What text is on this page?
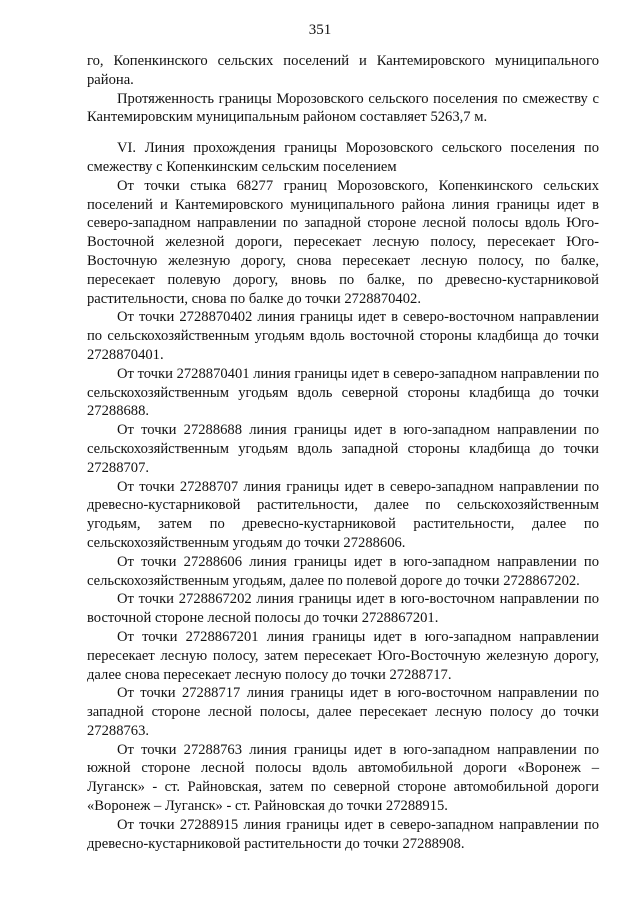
351

го, Копенкинского сельских поселений и Кантемировского муниципального района.

Протяженность границы Морозовского сельского поселения по смежеству с Кантемировским муниципальным районом составляет 5263,7 м.

VI. Линия прохождения границы Морозовского сельского поселения по смежеству с Копенкинским сельским поселением

От точки стыка 68277 границ Морозовского, Копенкинского сельских поселений и Кантемировского муниципального района линия границы идет в северо-западном направлении по западной стороне лесной полосы вдоль Юго-Восточной железной дороги, пересекает лесную полосу, пересекает Юго-Восточную железную дорогу, снова пересекает лесную полосу, по балке, пересекает полевую дорогу, вновь по балке, по древесно-кустарниковой растительности, снова по балке до точки 2728870402.

От точки 2728870402 линия границы идет в северо-восточном направлении по сельскохозяйственным угодьям вдоль восточной стороны кладбища до точки 2728870401.

От точки 2728870401 линия границы идет в северо-западном направлении по сельскохозяйственным угодьям вдоль северной стороны кладбища до точки 27288688.

От точки 27288688 линия границы идет в юго-западном направлении по сельскохозяйственным угодьям вдоль западной стороны кладбища до точки 27288707.

От точки 27288707 линия границы идет в северо-западном направлении по древесно-кустарниковой растительности, далее по сельскохозяйственным угодьям, затем по древесно-кустарниковой растительности, далее по сельскохозяйственным угодьям до точки 27288606.

От точки 27288606 линия границы идет в юго-западном направлении по сельскохозяйственным угодьям, далее по полевой дороге до точки 2728867202.

От точки 2728867202 линия границы идет в юго-восточном направлении по восточной стороне лесной полосы до точки 2728867201.

От точки 2728867201 линия границы идет в юго-западном направлении пересекает лесную полосу, затем пересекает Юго-Восточную железную дорогу, далее снова пересекает лесную полосу до точки 27288717.

От точки 27288717 линия границы идет в юго-восточном направлении по западной стороне лесной полосы, далее пересекает лесную полосу до точки 27288763.

От точки 27288763 линия границы идет в юго-западном направлении по южной стороне лесной полосы вдоль автомобильной дороги «Воронеж – Луганск» - ст. Райновская, затем по северной стороне автомобильной дороги «Воронеж – Луганск» - ст. Райновская до точки 27288915.

От точки 27288915 линия границы идет в северо-западном направлении по древесно-кустарниковой растительности до точки 27288908.
